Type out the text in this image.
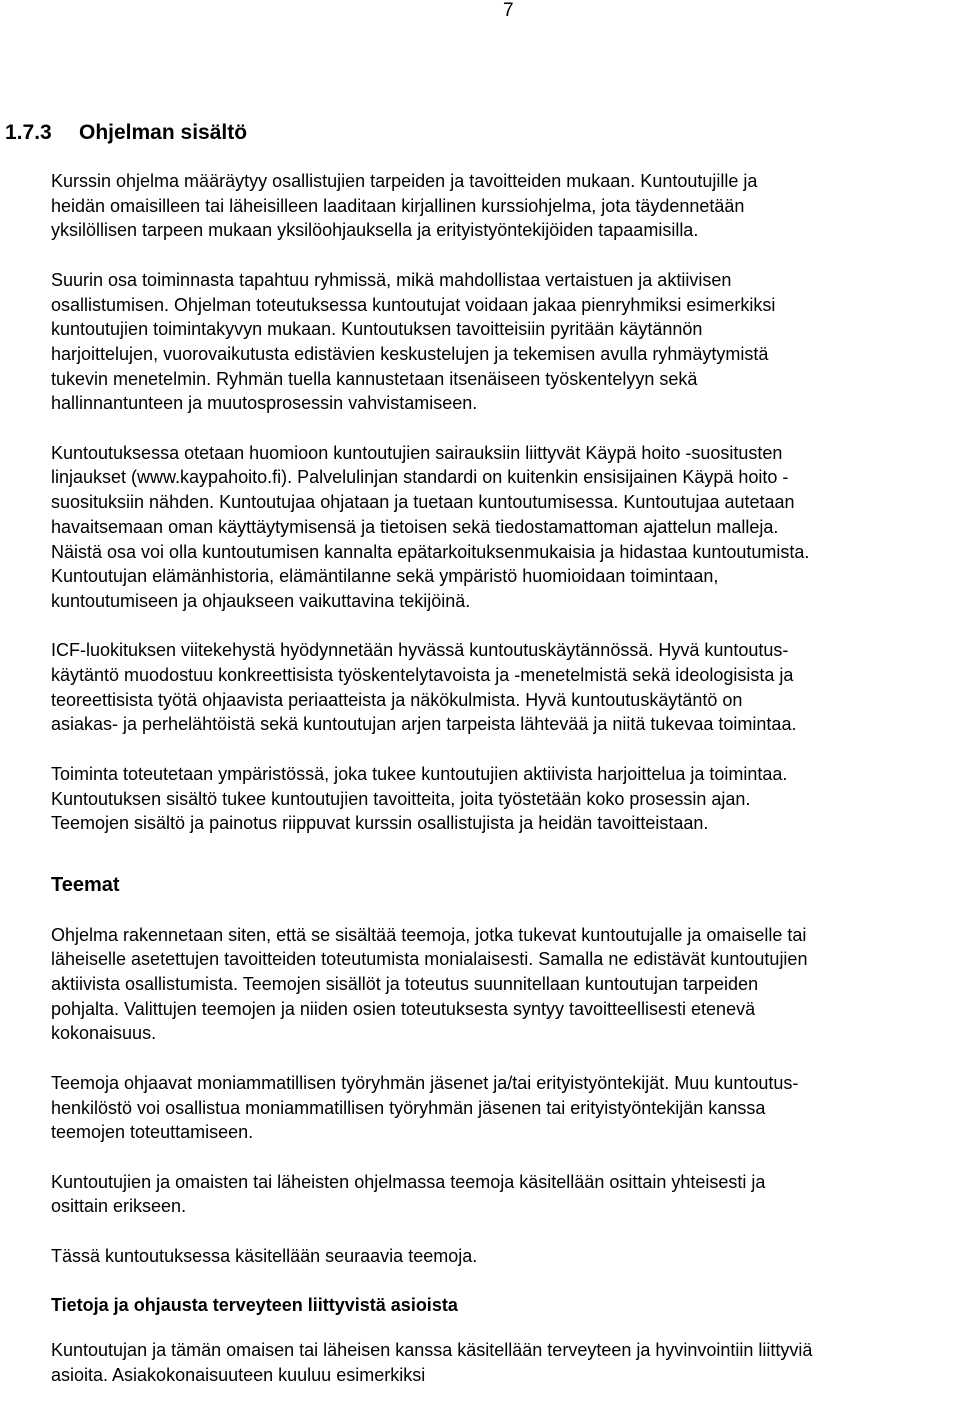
7
1.7.3 Ohjelman sisältö

Kurssin ohjelma määräytyy osallistujien tarpeiden ja tavoitteiden mukaan. Kuntoutujille ja
heidän omaisilleen tai läheisilleen laaditaan kirjallinen kurssiohjelma, jota täydennetään
yksilöllisen tarpeen mukaan yksilöohjauksella ja erityistyöntekijöiden tapaamisilla.

Suurin osa toiminnasta tapahtuu ryhmissä, mikä mahdollistaa vertaistuen ja aktiivisen
osallistumisen. Ohjelman toteutuksessa kuntoutujat voidaan jakaa pienryhmiksi esimerkiksi
kuntoutujien toimintakyvyn mukaan. Kuntoutuksen tavoitteisiin pyritään käytännön
harjoittelujen, vuorovaikutusta edistävien keskustelujen ja tekemisen avulla ryhmäytymistä
tukevin menetelmin. Ryhmän tuella kannustetaan itsenäiseen työskentelyyn sekä
hallinnantunteen ja muutosprosessin vahvistamiseen.

Kuntoutuksessa otetaan huomioon kuntoutujien sairauksiin liittyvät Käypä hoito -suositusten
linjaukset (www.kaypahoito.fi). Palvelulinjan standardi on kuitenkin ensisijainen Käypä hoito -
suosituksiin nähden. Kuntoutujaa ohjataan ja tuetaan kuntoutumisessa. Kuntoutujaa autetaan
havaitsemaan oman käyttäytymisensä ja tietoisen sekä tiedostamattoman ajattelun malleja.
Näistä osa voi olla kuntoutumisen kannalta epätarkoituksenmukaisia ja hidastaa kuntoutumista.
Kuntoutujan elämänhistoria, elämäntilanne sekä ympäristö huomioidaan toimintaan,
kuntoutumiseen ja ohjaukseen vaikuttavina tekijöinä.

ICF-luokituksen viitekehystä hyödynnetään hyvässä kuntoutuskäytännössä. Hyvä kuntoutus-
käytäntö muodostuu konkreettisista työskentelytavoista ja -menetelmistä sekä ideologisista ja
teoreettisista työtä ohjaavista periaatteista ja näkökulmista. Hyvä kuntoutuskäytäntö on
asiakas- ja perhelähtöistä sekä kuntoutujan arjen tarpeista lähtevää ja niitä tukevaa toimintaa.

Toiminta toteutetaan ympäristössä, joka tukee kuntoutujien aktiivista harjoittelua ja toimintaa.
Kuntoutuksen sisältö tukee kuntoutujien tavoitteita, joita työstetään koko prosessin ajan.
Teemojen sisältö ja painotus riippuvat kurssin osallistujista ja heidän tavoitteistaan.

Teemat

Ohjelma rakennetaan siten, että se sisältää teemoja, jotka tukevat kuntoutujalle ja omaiselle tai
läheiselle asetettujen tavoitteiden toteutumista monialaisesti. Samalla ne edistävät kuntoutujien
aktiivista osallistumista. Teemojen sisällöt ja toteutus suunnitellaan kuntoutujan tarpeiden
pohjalta. Valittujen teemojen ja niiden osien toteutuksesta syntyy tavoitteellisesti etenevä
kokonaisuus.

Teemoja ohjaavat moniammatillisen työryhmän jäsenet ja/tai erityistyöntekijät. Muu kuntoutus-
henkilöstö voi osallistua moniammatillisen työryhmän jäsenen tai erityistyöntekijän kanssa
teemojen toteuttamiseen.

Kuntoutujien ja omaisten tai läheisten ohjelmassa teemoja käsitellään osittain yhteisesti ja
osittain erikseen.

Tässä kuntoutuksessa käsitellään seuraavia teemoja.

Tietoja ja ohjausta terveyteen liittyvistä asioista

Kuntoutujan ja tämän omaisen tai läheisen kanssa käsitellään terveyteen ja hyvinvointiin liittyviä
asioita. Asiakokonaisuuteen kuuluu esimerkiksi
